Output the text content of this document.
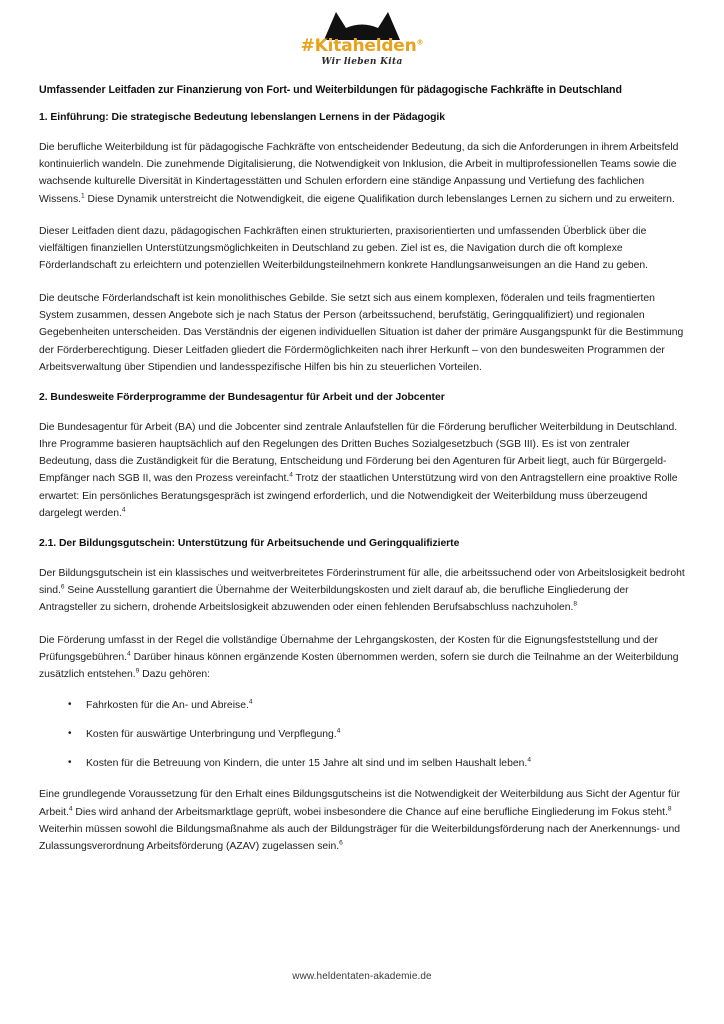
#Kitahelden®
Wir lieben Kita
Umfassender Leitfaden zur Finanzierung von Fort- und Weiterbildungen für pädagogische Fachkräfte in Deutschland
1. Einführung: Die strategische Bedeutung lebenslangen Lernens in der Pädagogik

Die berufliche Weiterbildung ist für pädagogische Fachkräfte von entscheidender Bedeutung, da sich die Anforderungen in ihrem Arbeitsfeld kontinuierlich wandeln. Die zunehmende Digitalisierung, die Notwendigkeit von Inklusion, die Arbeit in multiprofessionellen Teams sowie die wachsende kulturelle Diversität in Kindertagesstätten und Schulen erfordern eine ständige Anpassung und Vertiefung des fachlichen Wissens.$^1$ Diese Dynamik unterstreicht die Notwendigkeit, die eigene Qualifikation durch lebenslanges Lernen zu sichern und zu erweitern.

Dieser Leitfaden dient dazu, pädagogischen Fachkräften einen strukturierten, praxisorientierten und umfassenden Überblick über die vielfältigen finanziellen Unterstützungsmöglichkeiten in Deutschland zu geben. Ziel ist es, die Navigation durch die oft komplexe Förderlandschaft zu erleichtern und potenziellen Weiterbildungsteilnehmern konkrete Handlungsanweisungen an die Hand zu geben.

Die deutsche Förderlandschaft ist kein monolithisches Gebilde. Sie setzt sich aus einem komplexen, föderalen und teils fragmentierten System zusammen, dessen Angebote sich je nach Status der Person (arbeitssuchend, berufstätig, Geringqualifiziert) und regionalen Gegebenheiten unterscheiden. Das Verständnis der eigenen individuellen Situation ist daher der primäre Ausgangspunkt für die Bestimmung der Förderberechtigung. Dieser Leitfaden gliedert die Fördermöglichkeiten nach ihrer Herkunft – von den bundesweiten Programmen der Arbeitsverwaltung über Stipendien und landesspezifische Hilfen bis hin zu steuerlichen Vorteilen.

2. Bundesweite Förderprogramme der Bundesagentur für Arbeit und der Jobcenter

Die Bundesagentur für Arbeit (BA) und die Jobcenter sind zentrale Anlaufstellen für die Förderung beruflicher Weiterbildung in Deutschland. Ihre Programme basieren hauptsächlich auf den Regelungen des Dritten Buches Sozialgesetzbuch (SGB III). Es ist von zentraler Bedeutung, dass die Zuständigkeit für die Beratung, Entscheidung und Förderung bei den Agenturen für Arbeit liegt, auch für Bürgergeld-Empfänger nach SGB II, was den Prozess vereinfacht.$^4$ Trotz der staatlichen Unterstützung wird von den Antragstellern eine proaktive Rolle erwartet: Ein persönliches Beratungsgespräch ist zwingend erforderlich, und die Notwendigkeit der Weiterbildung muss überzeugend dargelegt werden.$^4$

2.1. Der Bildungsgutschein: Unterstützung für Arbeitsuchende und Geringqualifizierte

Der Bildungsgutschein ist ein klassisches und weitverbreitetes Förderinstrument für alle, die arbeitssuchend oder von Arbeitslosigkeit bedroht sind.$^6$ Seine Ausstellung garantiert die Übernahme der Weiterbildungskosten und zielt darauf ab, die berufliche Eingliederung der Antragsteller zu sichern, drohende Arbeitslosigkeit abzuwenden oder einen fehlenden Berufsabschluss nachzuholen.$^8$

Die Förderung umfasst in der Regel die vollständige Übernahme der Lehrgangskosten, der Kosten für die Eignungsfeststellung und der Prüfungsgebühren.$^4$ Darüber hinaus können ergänzende Kosten übernommen werden, sofern sie durch die Teilnahme an der Weiterbildung zusätzlich entstehen.$^9$ Dazu gehören:

• Fahrkosten für die An- und Abreise.$^4$
• Kosten für auswärtige Unterbringung und Verpflegung.$^4$
• Kosten für die Betreuung von Kindern, die unter 15 Jahre alt sind und im selben Haushalt leben.$^4$

Eine grundlegende Voraussetzung für den Erhalt eines Bildungsgutscheins ist die Notwendigkeit der Weiterbildung aus Sicht der Agentur für Arbeit.$^4$ Dies wird anhand der Arbeitsmarktlage geprüft, wobei insbesondere die Chance auf eine berufliche Eingliederung im Fokus steht.$^8$ Weiterhin müssen sowohl die Bildungsmaßnahme als auch der Bildungsträger für die Weiterbildungsförderung nach der Anerkennungs- und Zulassungsverordnung Arbeitsförderung (AZAV) zugelassen sein.$^6$

www.heldentaten-akademie.de
